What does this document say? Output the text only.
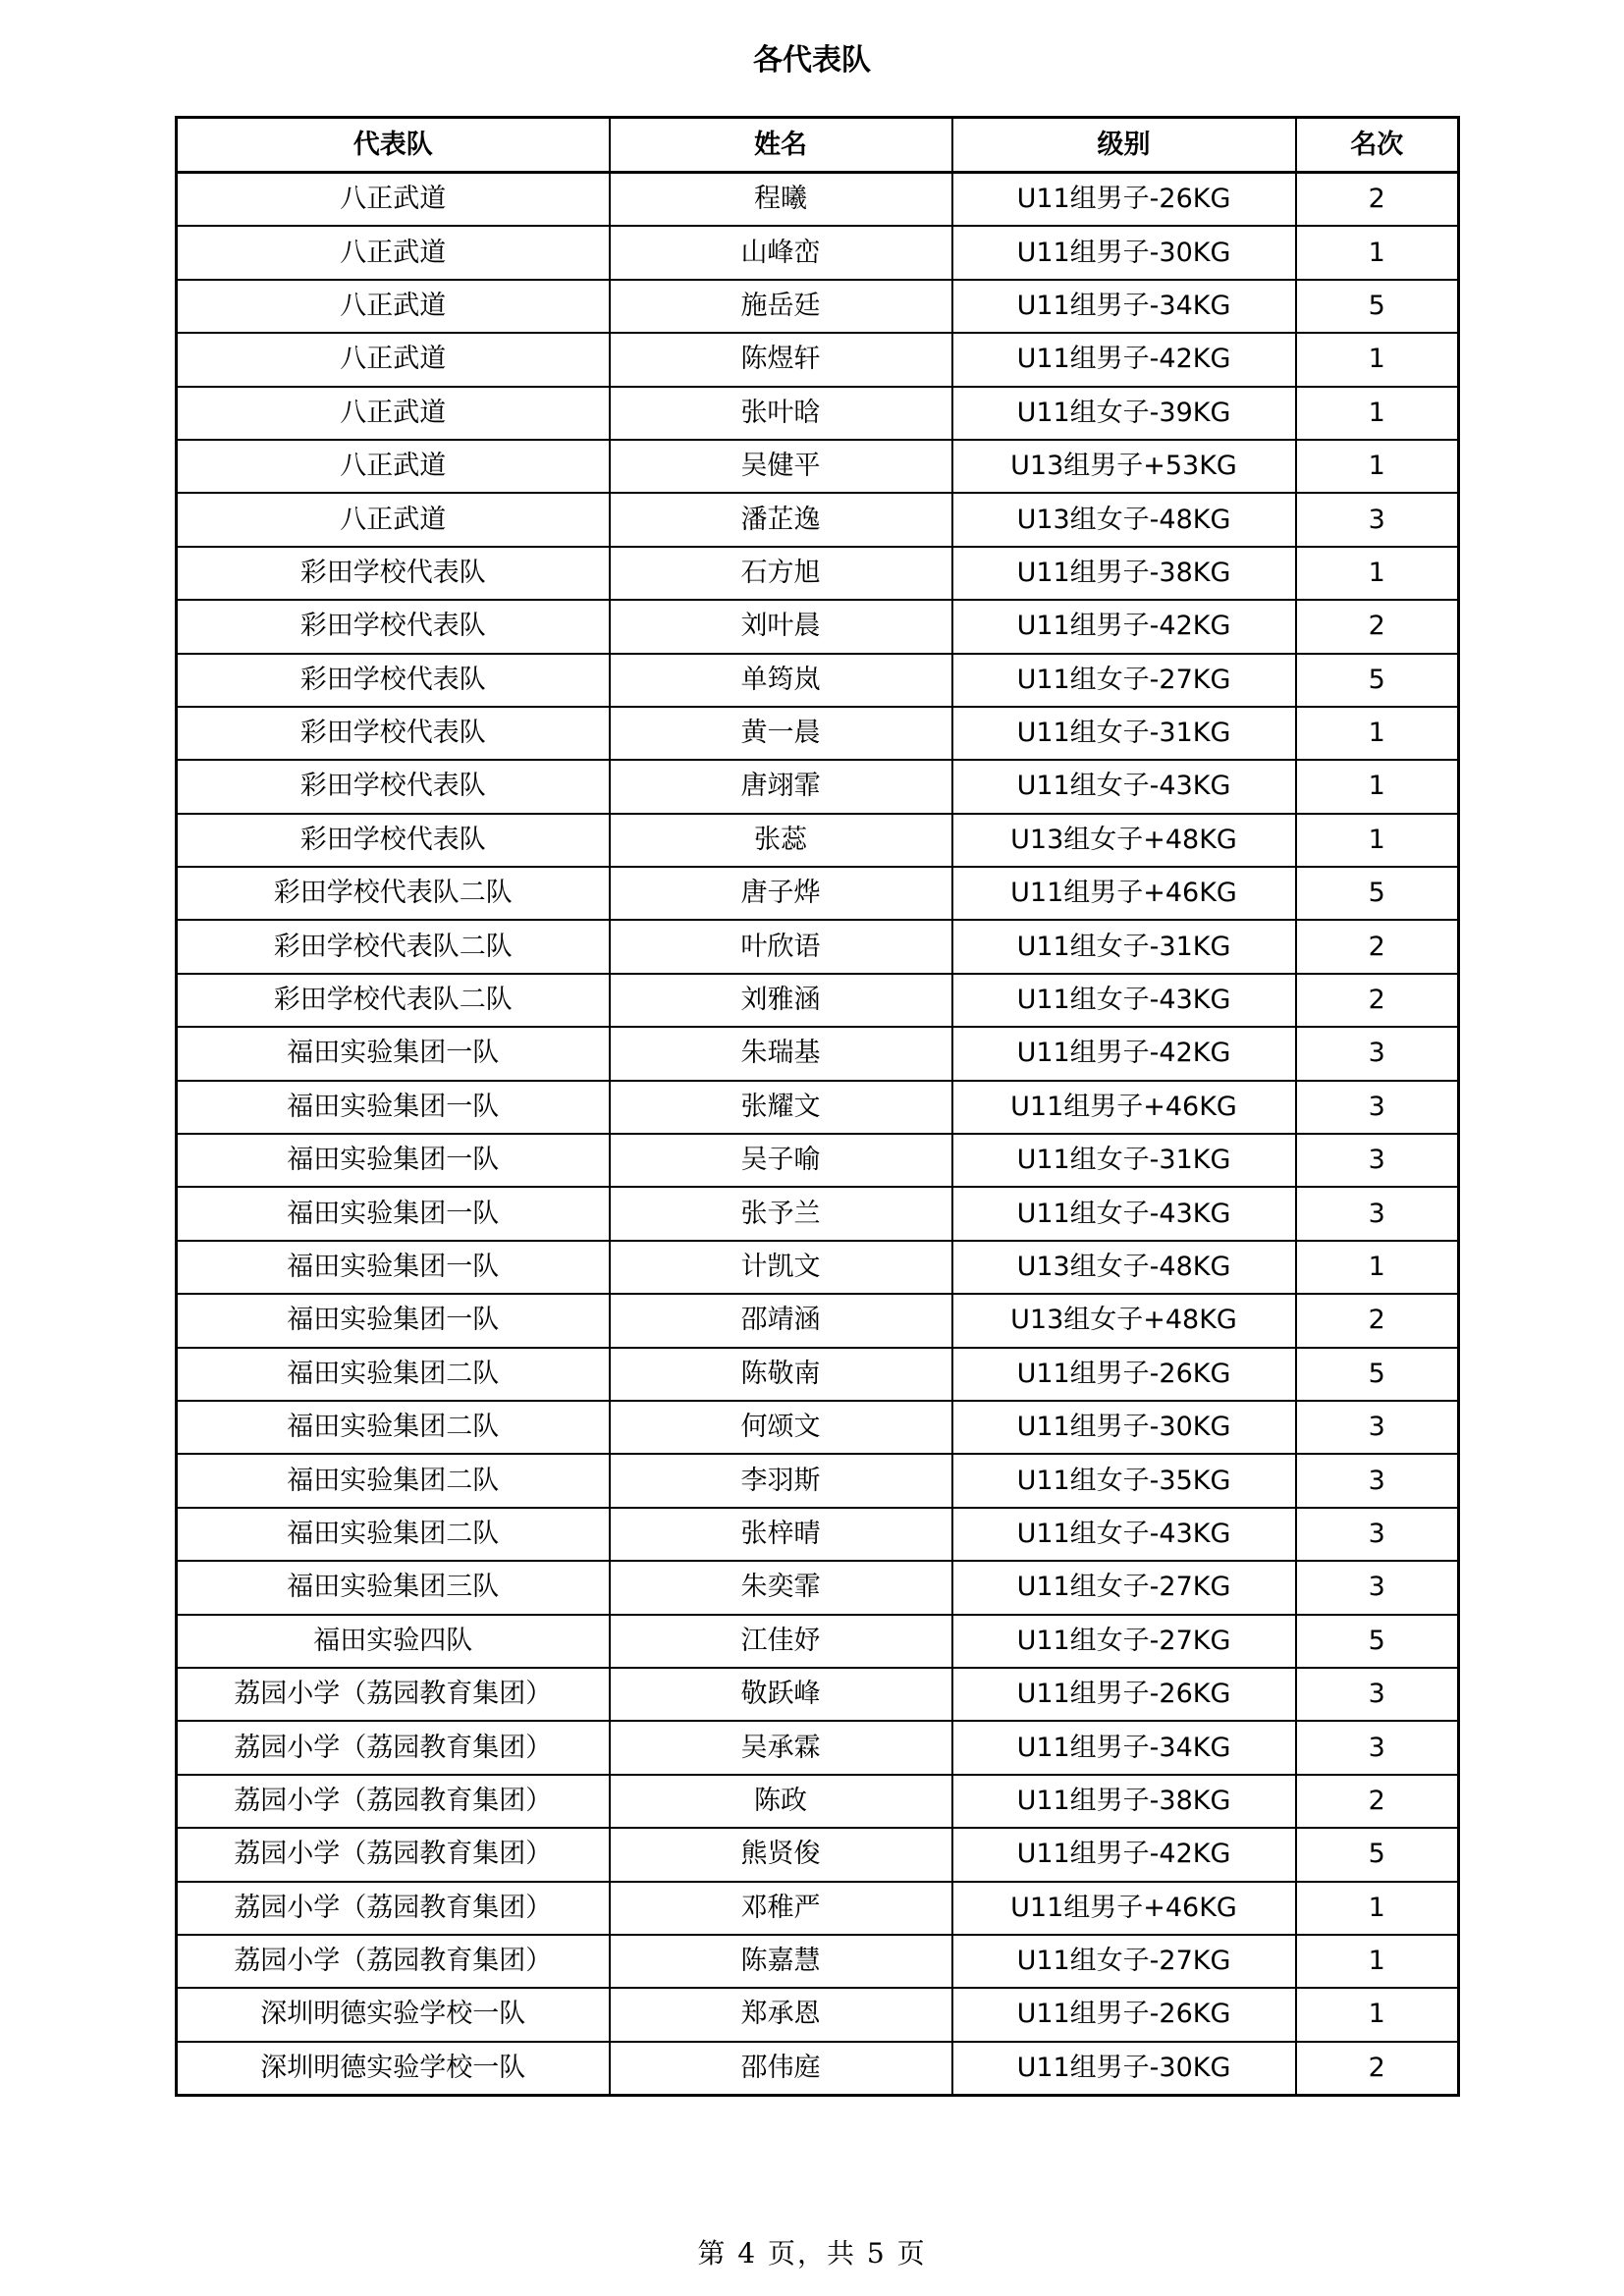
各代表队
代表队	姓名	级别	名次
八正武道	程曦	U11组男子-26KG	2
八正武道	山峰峦	U11组男子-30KG	1
八正武道	施岳廷	U11组男子-34KG	5
八正武道	陈煜轩	U11组男子-42KG	1
八正武道	张叶晗	U11组女子-39KG	1
八正武道	吴健平	U13组男子+53KG	1
八正武道	潘芷逸	U13组女子-48KG	3
彩田学校代表队	石方旭	U11组男子-38KG	1
彩田学校代表队	刘叶晨	U11组男子-42KG	2
彩田学校代表队	单筠岚	U11组女子-27KG	5
彩田学校代表队	黄一晨	U11组女子-31KG	1
彩田学校代表队	唐翊霏	U11组女子-43KG	1
彩田学校代表队	张蕊	U13组女子+48KG	1
彩田学校代表队二队	唐子烨	U11组男子+46KG	5
彩田学校代表队二队	叶欣语	U11组女子-31KG	2
彩田学校代表队二队	刘雅涵	U11组女子-43KG	2
福田实验集团一队	朱瑞基	U11组男子-42KG	3
福田实验集团一队	张耀文	U11组男子+46KG	3
福田实验集团一队	吴子喻	U11组女子-31KG	3
福田实验集团一队	张予兰	U11组女子-43KG	3
福田实验集团一队	计凯文	U13组女子-48KG	1
福田实验集团一队	邵靖涵	U13组女子+48KG	2
福田实验集团二队	陈敬南	U11组男子-26KG	5
福田实验集团二队	何颂文	U11组男子-30KG	3
福田实验集团二队	李羽斯	U11组女子-35KG	3
福田实验集团二队	张梓晴	U11组女子-43KG	3
福田实验集团三队	朱奕霏	U11组女子-27KG	3
福田实验四队	江佳妤	U11组女子-27KG	5
荔园小学（荔园教育集团）	敬跃峰	U11组男子-26KG	3
荔园小学（荔园教育集团）	吴承霖	U11组男子-34KG	3
荔园小学（荔园教育集团）	陈政	U11组男子-38KG	2
荔园小学（荔园教育集团）	熊贤俊	U11组男子-42KG	5
荔园小学（荔园教育集团）	邓稚严	U11组男子+46KG	1
荔园小学（荔园教育集团）	陈嘉慧	U11组女子-27KG	1
深圳明德实验学校一队	郑承恩	U11组男子-26KG	1
深圳明德实验学校一队	邵伟庭	U11组男子-30KG	2
第 4 页，共 5 页
